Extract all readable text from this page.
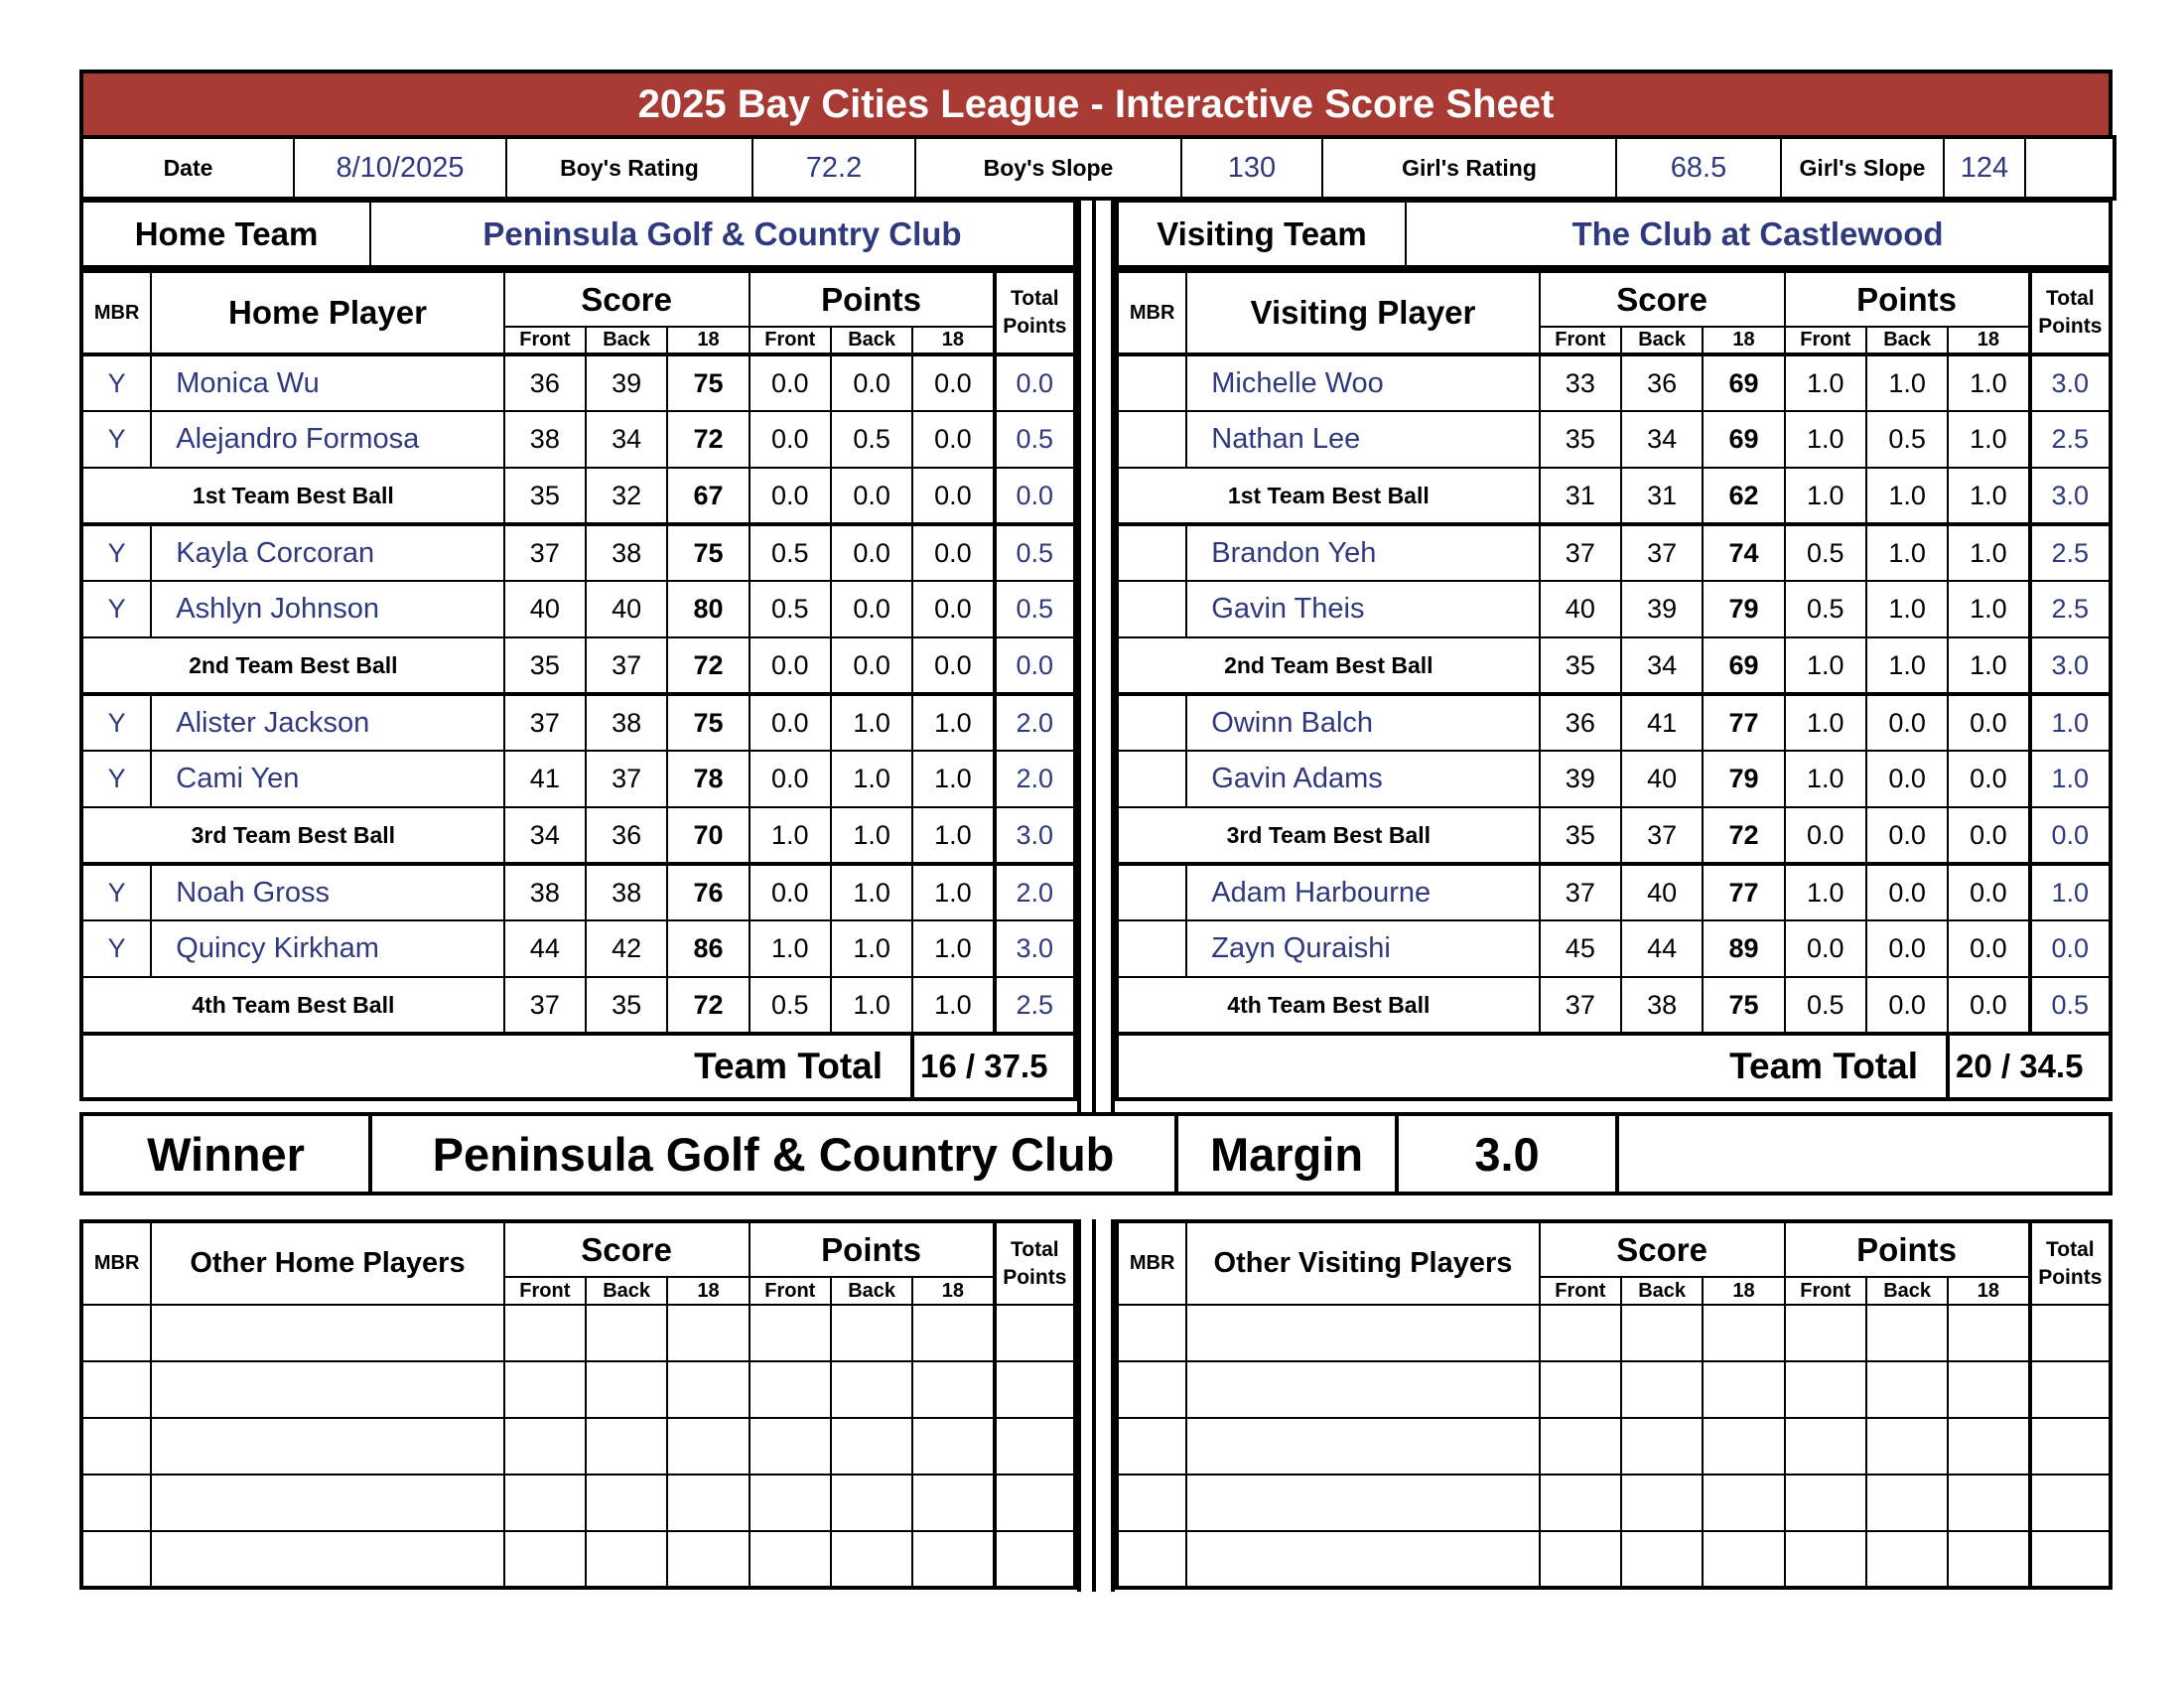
2025 Bay Cities League - Interactive Score Sheet
Date	8/10/2025	Boy's Rating	72.2	Boy's Slope	130	Girl's Rating	68.5	Girl's Slope	124	
Home Team	Peninsula Golf & Country Club
MBR	Home Player	Score			Points			Total Points
		Front	Back	18	Front	Back	18	
Y	Monica Wu	36	39	75	0.0	0.0	0.0	0.0
Y	Alejandro Formosa	38	34	72	0.0	0.5	0.0	0.5
1st Team Best Ball		35	32	67	0.0	0.0	0.0	0.0
Y	Kayla Corcoran	37	38	75	0.5	0.0	0.0	0.5
Y	Ashlyn Johnson	40	40	80	0.5	0.0	0.0	0.5
2nd Team Best Ball		35	37	72	0.0	0.0	0.0	0.0
Y	Alister Jackson	37	38	75	0.0	1.0	1.0	2.0
Y	Cami Yen	41	37	78	0.0	1.0	1.0	2.0
3rd Team Best Ball		34	36	70	1.0	1.0	1.0	3.0
Y	Noah Gross	38	38	76	0.0	1.0	1.0	2.0
Y	Quincy Kirkham	44	42	86	1.0	1.0	1.0	3.0
4th Team Best Ball		37	35	72	0.5	1.0	1.0	2.5
Team Total	16 / 37.5
Visiting Team	The Club at Castlewood
MBR	Visiting Player	Score			Points			Total Points
		Front	Back	18	Front	Back	18	
	Michelle Woo	33	36	69	1.0	1.0	1.0	3.0
	Nathan Lee	35	34	69	1.0	0.5	1.0	2.5
1st Team Best Ball		31	31	62	1.0	1.0	1.0	3.0
	Brandon Yeh	37	37	74	0.5	1.0	1.0	2.5
	Gavin Theis	40	39	79	0.5	1.0	1.0	2.5
2nd Team Best Ball		35	34	69	1.0	1.0	1.0	3.0
	Owinn Balch	36	41	77	1.0	0.0	0.0	1.0
	Gavin Adams	39	40	79	1.0	0.0	0.0	1.0
3rd Team Best Ball		35	37	72	0.0	0.0	0.0	0.0
	Adam Harbourne	37	40	77	1.0	0.0	0.0	1.0
	Zayn Quraishi	45	44	89	0.0	0.0	0.0	0.0
4th Team Best Ball		37	38	75	0.5	0.0	0.0	0.5
Team Total	20 / 34.5
Winner	Peninsula Golf & Country Club	Margin	3.0	
MBR	Other Home Players	Score			Points			Total Points
		Front	Back	18	Front	Back	18	

MBR	Other Visiting Players	Score			Points			Total Points
		Front	Back	18	Front	Back	18	
